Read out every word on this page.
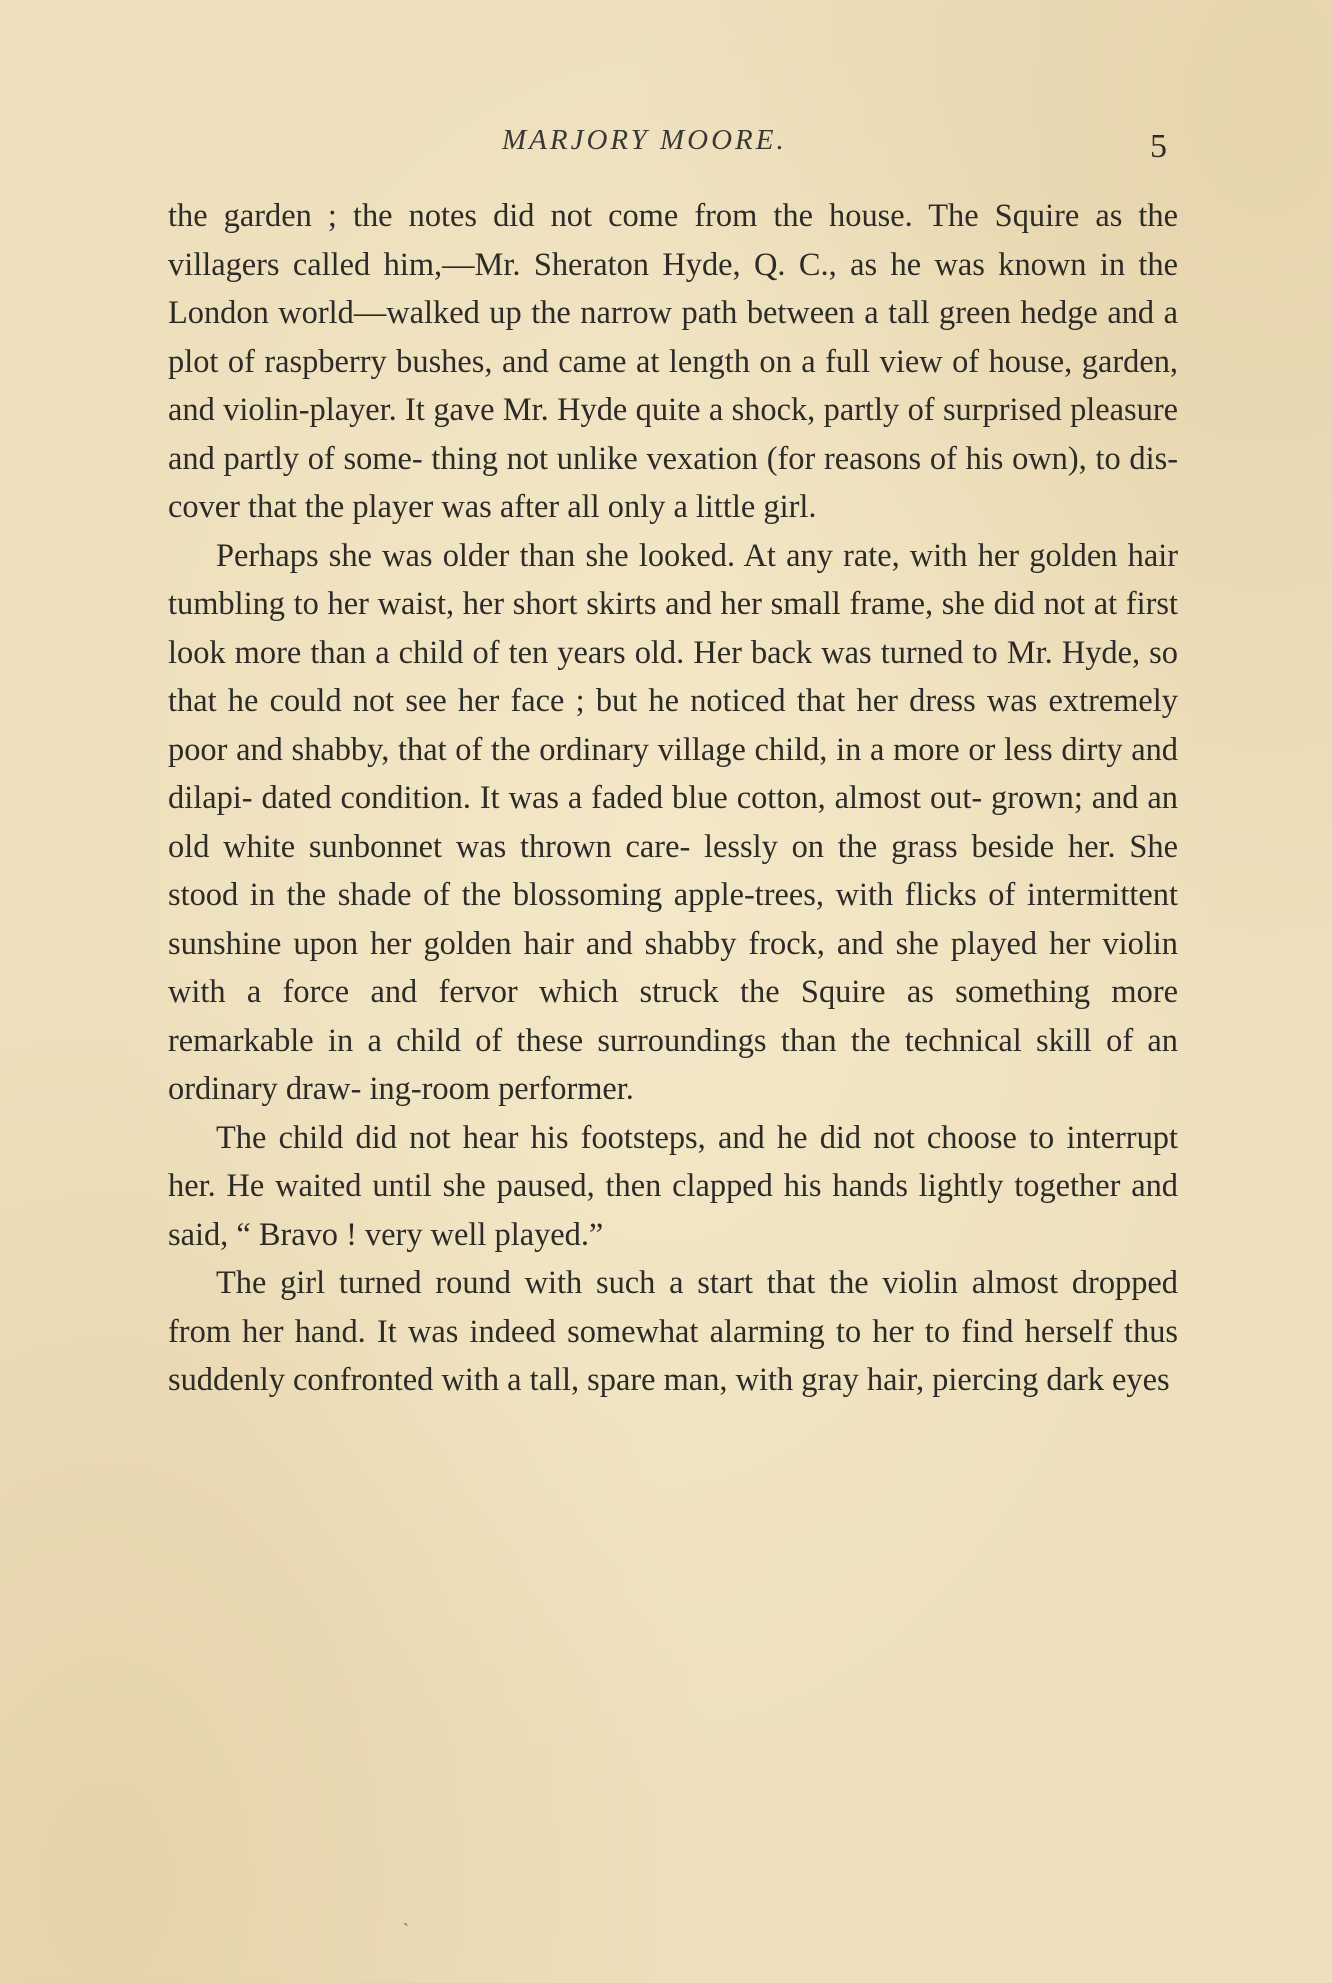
MARJORY MOORE.	5

the garden ; the notes did not come from the house. The Squire as the villagers called him,—Mr. Sheraton Hyde, Q. C., as he was known in the London world—walked up the narrow path between a tall green hedge and a plot of raspberry bushes, and came at length on a full view of house, garden, and violin-player. It gave Mr. Hyde quite a shock, partly of surprised pleasure and partly of some- thing not unlike vexation (for reasons of his own), to dis- cover that the player was after all only a little girl.

Perhaps she was older than she looked. At any rate, with her golden hair tumbling to her waist, her short skirts and her small frame, she did not at first look more than a child of ten years old. Her back was turned to Mr. Hyde, so that he could not see her face ; but he noticed that her dress was extremely poor and shabby, that of the ordinary village child, in a more or less dirty and dilapi- dated condition. It was a faded blue cotton, almost out- grown; and an old white sunbonnet was thrown care- lessly on the grass beside her. She stood in the shade of the blossoming apple-trees, with flicks of intermittent sunshine upon her golden hair and shabby frock, and she played her violin with a force and fervor which struck the Squire as something more remarkable in a child of these surroundings than the technical skill of an ordinary draw- ing-room performer.

The child did not hear his footsteps, and he did not choose to interrupt her. He waited until she paused, then clapped his hands lightly together and said, “ Bravo ! very well played.”

The girl turned round with such a start that the violin almost dropped from her hand. It was indeed somewhat alarming to her to find herself thus suddenly confronted with a tall, spare man, with gray hair, piercing dark eyes

ˎ
